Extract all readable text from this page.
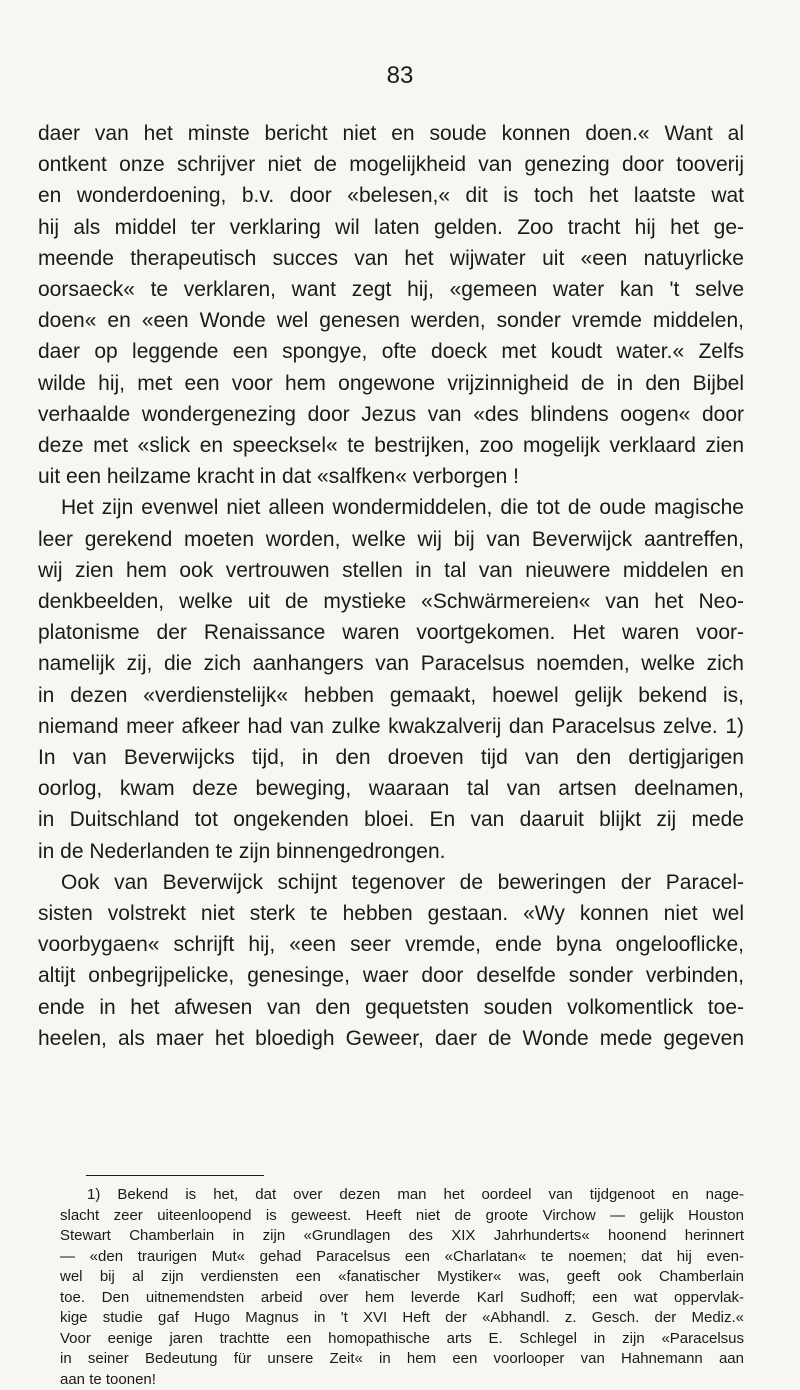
83
daer van het minste bericht niet en soude konnen doen.« Want al
ontkent onze schrijver niet de mogelijkheid van genezing door tooverij
en wonderdoening, b.v. door «belesen,« dit is toch het laatste wat
hij als middel ter verklaring wil laten gelden. Zoo tracht hij het ge-
meende therapeutisch succes van het wijwater uit «een natuyrlicke
oorsaeck« te verklaren, want zegt hij, «gemeen water kan 't selve
doen« en «een Wonde wel genesen werden, sonder vremde middelen,
daer op leggende een spongye, ofte doeck met koudt water.« Zelfs
wilde hij, met een voor hem ongewone vrijzinnigheid de in den Bijbel
verhaalde wondergenezing door Jezus van «des blindens oogen« door
deze met «slick en speecksel« te bestrijken, zoo mogelijk verklaard zien
uit een heilzame kracht in dat «salfken« verborgen !
Het zijn evenwel niet alleen wondermiddelen, die tot de oude magische
leer gerekend moeten worden, welke wij bij van Beverwijck aantreffen,
wij zien hem ook vertrouwen stellen in tal van nieuwere middelen en
denkbeelden, welke uit de mystieke «Schwärmereien« van het Neo-
platonisme der Renaissance waren voortgekomen. Het waren voor-
namelijk zij, die zich aanhangers van Paracelsus noemden, welke zich
in dezen «verdienstelijk« hebben gemaakt, hoewel gelijk bekend is,
niemand meer afkeer had van zulke kwakzalverij dan Paracelsus zelve. 1)
In van Beverwijcks tijd, in den droeven tijd van den dertigjarigen
oorlog, kwam deze beweging, waaraan tal van artsen deelnamen,
in Duitschland tot ongekenden bloei. En van daaruit blijkt zij mede
in de Nederlanden te zijn binnengedrongen.
Ook van Beverwijck schijnt tegenover de beweringen der Paracel-
sisten volstrekt niet sterk te hebben gestaan. «Wy konnen niet wel
voorbygaen« schrijft hij, «een seer vremde, ende byna ongelooflicke,
altijt onbegrijpelicke, genesinge, waer door deselfde sonder verbinden,
ende in het afwesen van den gequetsten souden volkomentlick toe-
heelen, als maer het bloedigh Geweer, daer de Wonde mede gegeven
1) Bekend is het, dat over dezen man het oordeel van tijdgenoot en nage-
slacht zeer uiteenloopend is geweest. Heeft niet de groote Virchow — gelijk Houston
Stewart Chamberlain in zijn «Grundlagen des XIX Jahrhunderts« hoonend herinnert
— «den traurigen Mut« gehad Paracelsus een «Charlatan« te noemen; dat hij even-
wel bij al zijn verdiensten een «fanatischer Mystiker« was, geeft ook Chamberlain
toe. Den uitnemendsten arbeid over hem leverde Karl Sudhoff; een wat oppervlak-
kige studie gaf Hugo Magnus in 't XVI Heft der «Abhandl. z. Gesch. der Mediz.«
Voor eenige jaren trachtte een homopathische arts E. Schlegel in zijn «Paracelsus
in seiner Bedeutung für unsere Zeit« in hem een voorlooper van Hahnemann aan
aan te toonen!
